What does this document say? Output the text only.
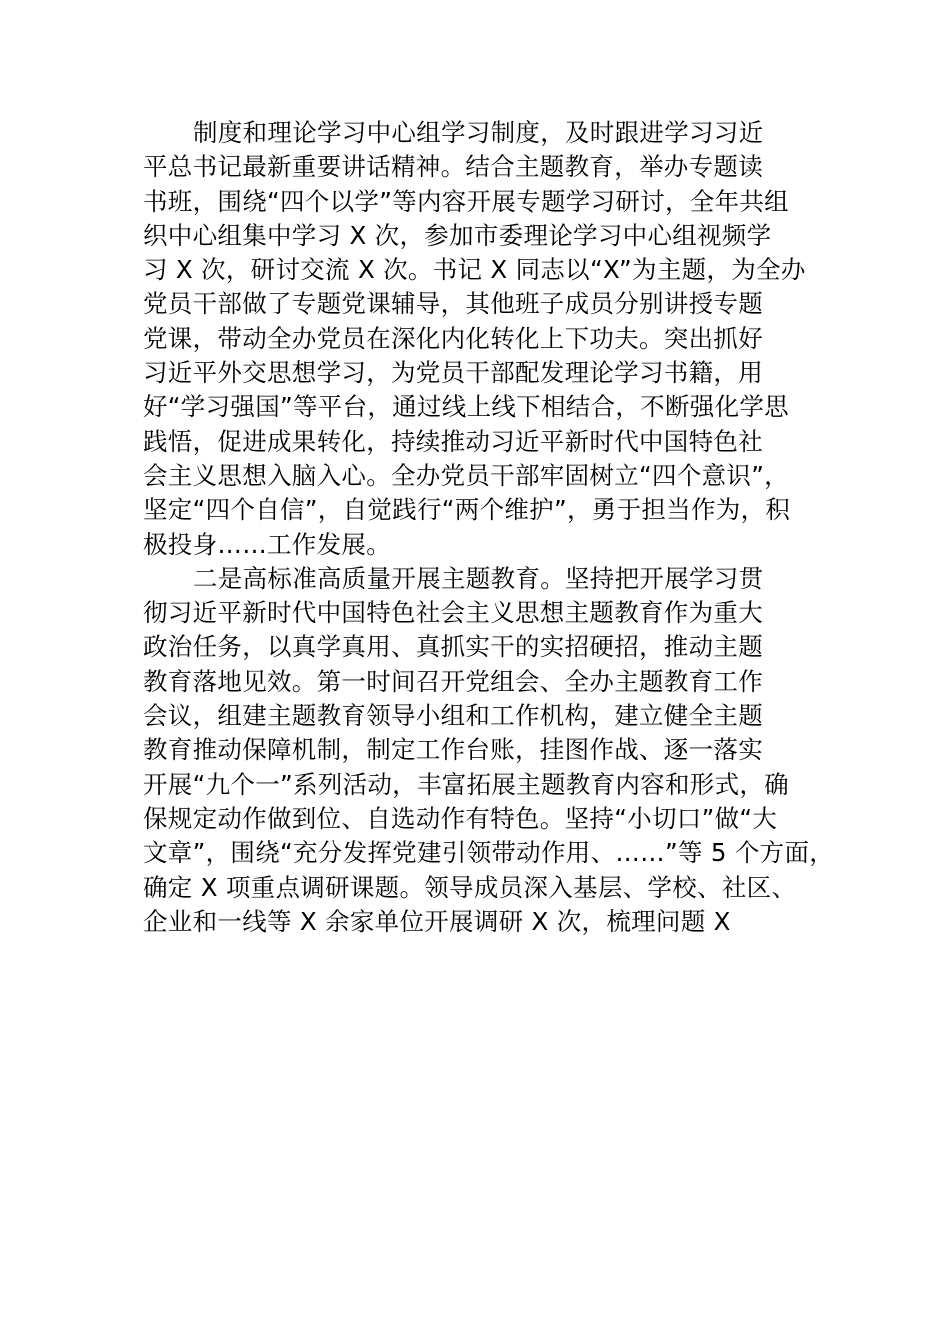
制度和理论学习中心组学习制度，及时跟进学习习近
平总书记最新重要讲话精神。结合主题教育，举办专题读
书班，围绕“四个以学”等内容开展专题学习研讨，全年共组
织中心组集中学习 X 次，参加市委理论学习中心组视频学
习 X 次，研讨交流 X 次。书记 X 同志以“X”为主题，为全办
党员干部做了专题党课辅导，其他班子成员分别讲授专题
党课，带动全办党员在深化内化转化上下功夫。突出抓好
习近平外交思想学习，为党员干部配发理论学习书籍，用
好“学习强国”等平台，通过线上线下相结合，不断强化学思
践悟，促进成果转化，持续推动习近平新时代中国特色社
会主义思想入脑入心。全办党员干部牢固树立“四个意识”，
坚定“四个自信”，自觉践行“两个维护”，勇于担当作为，积
极投身……工作发展。
二是高标准高质量开展主题教育。坚持把开展学习贯
彻习近平新时代中国特色社会主义思想主题教育作为重大
政治任务，以真学真用、真抓实干的实招硬招，推动主题
教育落地见效。第一时间召开党组会、全办主题教育工作
会议，组建主题教育领导小组和工作机构，建立健全主题
教育推动保障机制，制定工作台账，挂图作战、逐一落实
开展“九个一”系列活动，丰富拓展主题教育内容和形式，确
保规定动作做到位、自选动作有特色。坚持“小切口”做“大
文章”，围绕“充分发挥党建引领带动作用、……”等 5 个方面，
确定 X 项重点调研课题。领导成员深入基层、学校、社区、
企业和一线等 X 余家单位开展调研 X 次，梳理问题 X
